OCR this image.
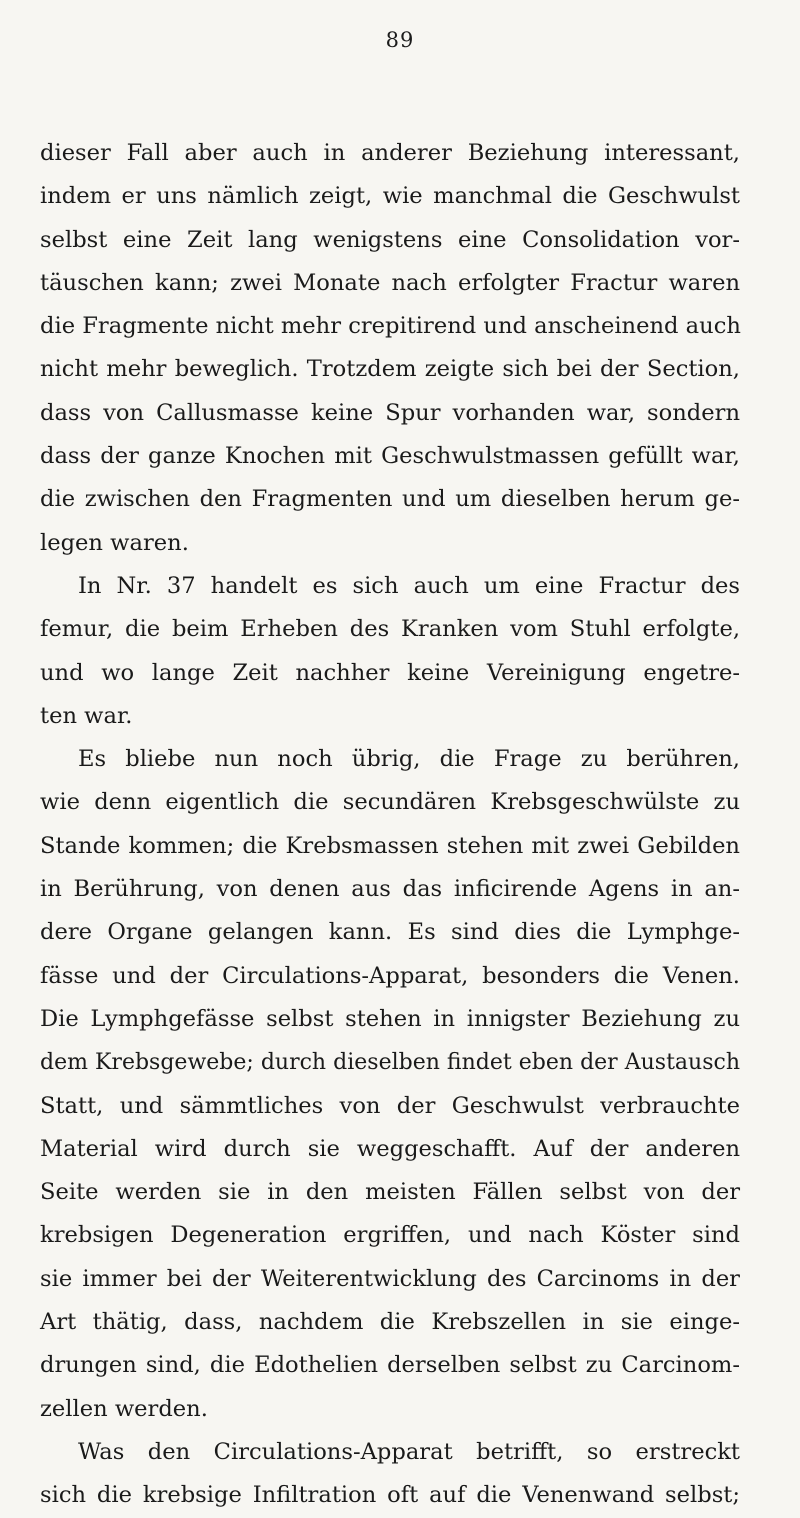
89
dieser Fall aber auch in anderer Beziehung interessant,
indem er uns nämlich zeigt, wie manchmal die Geschwulst
selbst eine Zeit lang wenigstens eine Consolidation vor-
täuschen kann; zwei Monate nach erfolgter Fractur waren
die Fragmente nicht mehr crepitirend und anscheinend auch
nicht mehr beweglich. Trotzdem zeigte sich bei der Section,
dass von Callusmasse keine Spur vorhanden war, sondern
dass der ganze Knochen mit Geschwulstmassen gefüllt war,
die zwischen den Fragmenten und um dieselben herum ge-
legen waren.
In Nr. 37 handelt es sich auch um eine Fractur des
femur, die beim Erheben des Kranken vom Stuhl erfolgte,
und wo lange Zeit nachher keine Vereinigung engetre-
ten war.
Es bliebe nun noch übrig, die Frage zu berühren,
wie denn eigentlich die secundären Krebsgeschwülste zu
Stande kommen; die Krebsmassen stehen mit zwei Gebilden
in Berührung, von denen aus das inficirende Agens in an-
dere Organe gelangen kann. Es sind dies die Lymphge-
fässe und der Circulations-Apparat, besonders die Venen.
Die Lymphgefässe selbst stehen in innigster Beziehung zu
dem Krebsgewebe; durch dieselben findet eben der Austausch
Statt, und sämmtliches von der Geschwulst verbrauchte
Material wird durch sie weggeschafft. Auf der anderen
Seite werden sie in den meisten Fällen selbst von der
krebsigen Degeneration ergriffen, und nach Köster sind
sie immer bei der Weiterentwicklung des Carcinoms in der
Art thätig, dass, nachdem die Krebszellen in sie einge-
drungen sind, die Edothelien derselben selbst zu Carcinom-
zellen werden.
Was den Circulations-Apparat betrifft, so erstreckt
sich die krebsige Infiltration oft auf die Venenwand selbst;
